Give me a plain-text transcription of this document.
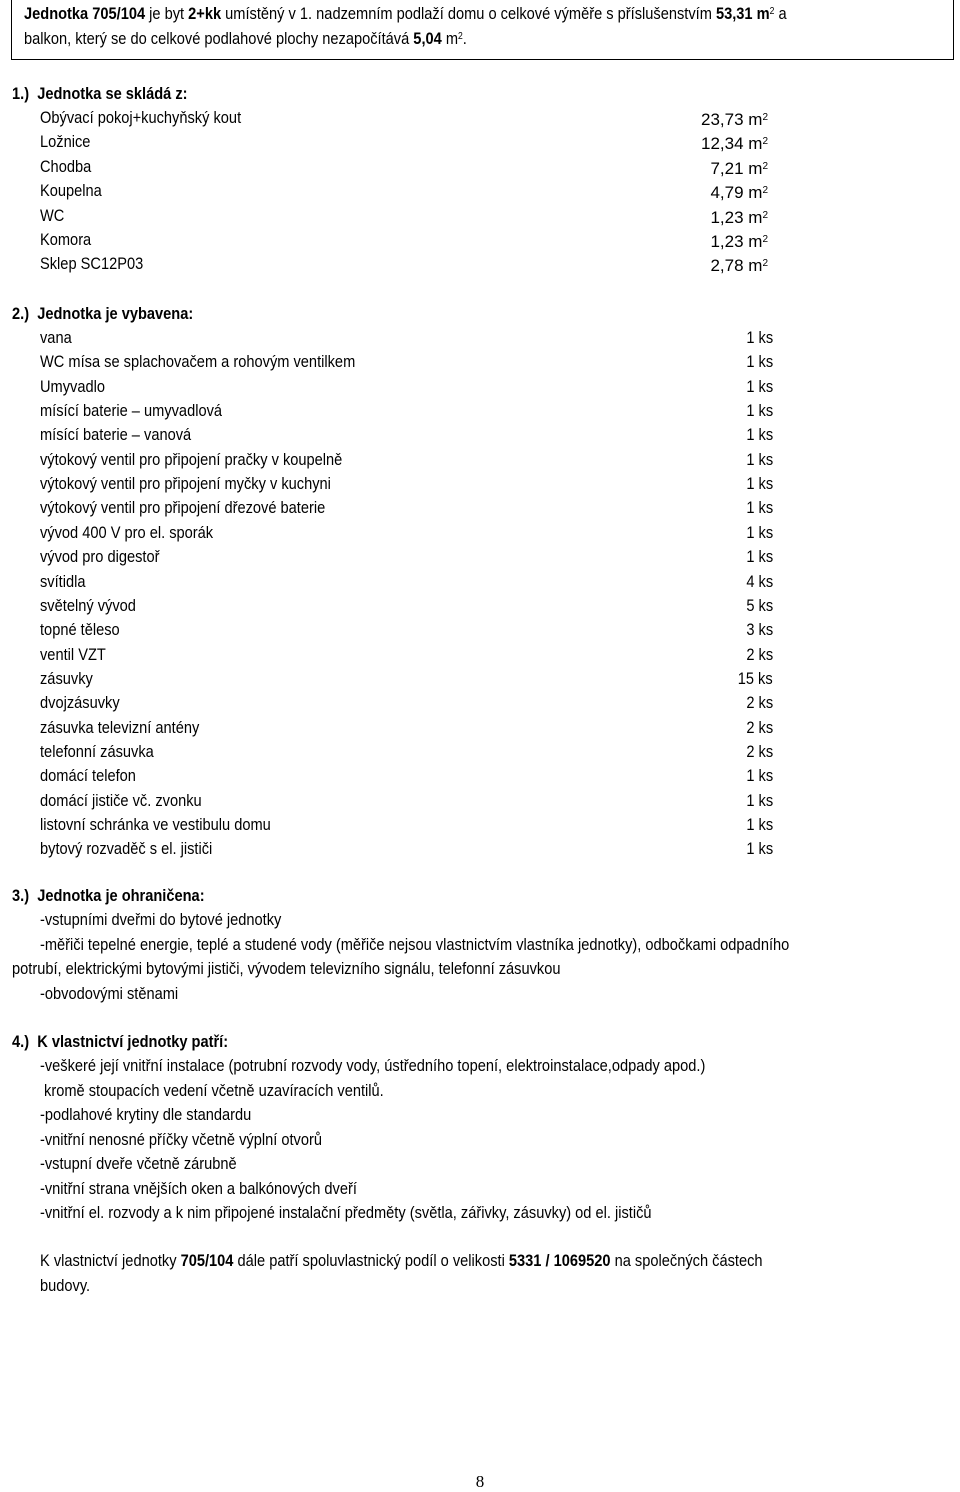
Jednotka 705/104 je byt 2+kk umístěný v 1. nadzemním podlaží domu o celkové výměře s příslušenstvím 53,31 $m^2$ a
balkon, který se do celkové podlahové plochy nezapočítává 5,04 $m^2$.
1.) Jednotka se skládá z:
Obývací pokoj+kuchyňský kout	23,73 $m^2$
Ložnice	12,34 $m^2$
Chodba	7,21 $m^2$
Koupelna	4,79 $m^2$
WC	1,23 $m^2$
Komora	1,23 $m^2$
Sklep SC12P03	2,78 $m^2$
2.) Jednotka je vybavena:
vana	1 ks
WC mísa se splachovačem a rohovým ventilkem	1 ks
Umyvadlo	1 ks
mísící baterie – umyvadlová	1 ks
mísící baterie – vanová	1 ks
výtokový ventil pro připojení pračky v koupelně	1 ks
výtokový ventil pro připojení myčky v kuchyni	1 ks
výtokový ventil pro připojení dřezové baterie	1 ks
vývod 400 V pro el. sporák	1 ks
vývod pro digestoř	1 ks
svítidla	4 ks
světelný vývod	5 ks
topné těleso	3 ks
ventil VZT	2 ks
zásuvky	15 ks
dvojzásuvky	2 ks
zásuvka televizní antény	2 ks
telefonní zásuvka	2 ks
domácí telefon	1 ks
domácí jističe vč. zvonku	1 ks
listovní schránka ve vestibulu domu	1 ks
bytový rozvaděč s el. jističi	1 ks
3.) Jednotka je ohraničena:
-vstupními dveřmi do bytové jednotky
-měřiči tepelné energie, teplé a studené vody (měřiče nejsou vlastnictvím vlastníka jednotky), odbočkami odpadního
potrubí, elektrickými bytovými jističi, vývodem televizního signálu, telefonní zásuvkou
-obvodovými stěnami
4.) K vlastnictví jednotky patří:
-veškeré její vnitřní instalace (potrubní rozvody vody, ústředního topení, elektroinstalace,odpady apod.)
kromě stoupacích vedení včetně uzavíracích ventilů.
-podlahové krytiny dle standardu
-vnitřní nenosné příčky včetně výplní otvorů
-vstupní dveře včetně zárubně
-vnitřní strana vnějších oken a balkónových dveří
-vnitřní el. rozvody a k nim připojené instalační předměty (světla, zářivky, zásuvky) od el. jističů
K vlastnictví jednotky 705/104 dále patří spoluvlastnický podíl o velikosti 5331 / 1069520 na společných částech
budovy.
8
